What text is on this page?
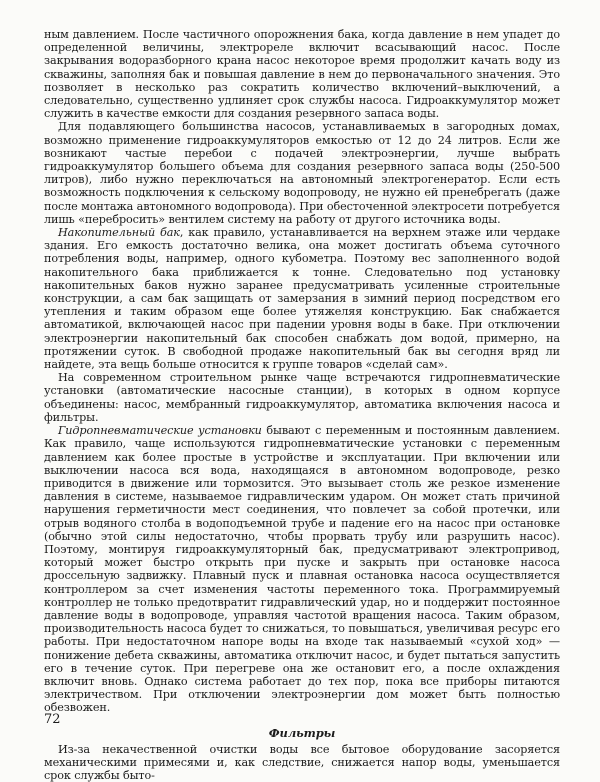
ным давлением. После частичного опорожнения бака, когда давление в нем упадет до определенной величины, электрореле включит всасывающий насос. После закрывания водоразборного крана насос некоторое время продолжит качать воду из скважины, заполняя бак и повышая давление в нем до первоначального значения. Это позволяет в несколько раз сократить количество включений–выключений, а следовательно, существенно удлиняет срок службы насоса. Гидроаккумулятор может служить в качестве емкости для создания резервного запаса воды.

Для подавляющего большинства насосов, устанавливаемых в загородных домах, возможно применение гидроаккумуляторов емкостью от 12 до 24 литров. Если же возникают частые перебои с подачей электроэнергии, лучше выбрать гидроаккумулятор большего объема для создания резервного запаса воды (250-500 литров), либо нужно переключаться на автономный электрогенератор. Если есть возможность подключения к сельскому водопроводу, не нужно ей пренебрегать (даже после монтажа автономного водопровода). При обесточенной электросети потребуется лишь «перебросить» вентилем систему на работу от другого источника воды.

Накопительный бак, как правило, устанавливается на верхнем этаже или чердаке здания. Его емкость достаточно велика, она может достигать объема суточного потребления воды, например, одного кубометра. Поэтому вес заполненного водой накопительного бака приближается к тонне. Следовательно под установку накопительных баков нужно заранее предусматривать усиленные строительные конструкции, а сам бак защищать от замерзания в зимний период посредством его утепления и таким образом еще более утяжеляя конструкцию. Бак снабжается автоматикой, включающей насос при падении уровня воды в баке. При отключении электроэнергии накопительный бак способен снабжать дом водой, примерно, на протяжении суток. В свободной продаже накопительный бак вы сегодня вряд ли найдете, эта вещь больше относится к группе товаров «сделай сам».

На современном строительном рынке чаще встречаются гидропневматические установки (автоматические насосные станции), в которых в одном корпусе объединены: насос, мембранный гидроаккумулятор, автоматика включения насоса и фильтры.

Гидропневматические установки бывают с переменным и постоянным давлением. Как правило, чаще используются гидропневматические установки с переменным давлением как более простые в устройстве и эксплуатации. При включении или выключении насоса вся вода, находящаяся в автономном водопроводе, резко приводится в движение или тормозится. Это вызывает столь же резкое изменение давления в системе, называемое гидравлическим ударом. Он может стать причиной нарушения герметичности мест соединения, что повлечет за собой протечки, или отрыв водяного столба в водоподъемной трубе и падение его на насос при остановке (обычно этой силы недостаточно, чтобы прорвать трубу или разрушить насос). Поэтому, монтируя гидроаккумуляторный бак, предусматривают электропривод, который может быстро открыть при пуске и закрыть при остановке насоса дроссельную задвижку. Плавный пуск и плавная остановка насоса осуществляется контроллером за счет изменения частоты переменного тока. Программируемый контроллер не только предотвратит гидравлический удар, но и поддержит постоянное давление воды в водопроводе, управляя частотой вращения насоса. Таким образом, производительность насоса будет то снижаться, то повышаться, увеличивая ресурс его работы. При недостаточном напоре воды на входе так называемый «сухой ход» — понижение дебета скважины, автоматика отключит насос, и будет пытаться запустить его в течение суток. При перегреве она же остановит его, а после охлаждения включит вновь. Однако система работает до тех пор, пока все приборы питаются электричеством. При отключении электроэнергии дом может быть полностью обезвожен.

Фильтры

Из-за некачественной очистки воды все бытовое оборудование засоряется механическими примесями и, как следствие, снижается напор воды, уменьшается срок службы быто-

72
